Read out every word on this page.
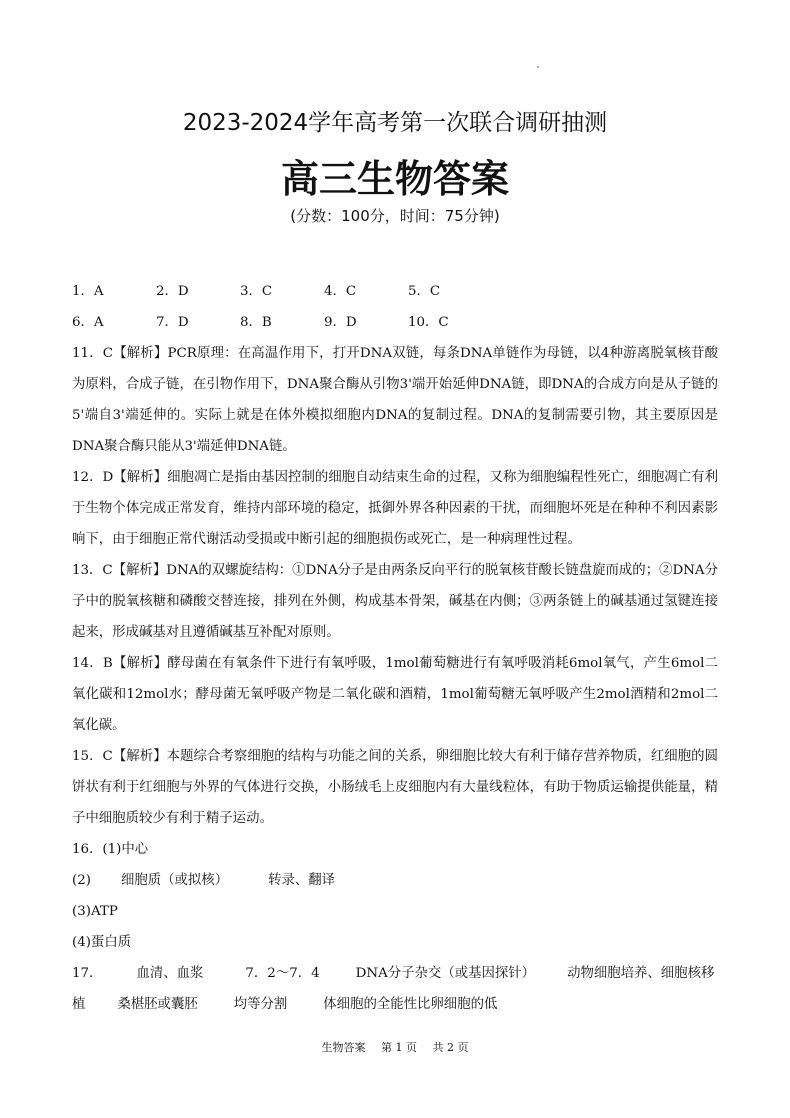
2023-2024学年高考第一次联合调研抽测
高三生物答案
(分数：100分，时间：75分钟)
1．A	2．D	3．C	4．C	5．C
6．A	7．D	8．B	9．D	10．C
11．C【解析】PCR原理：在高温作用下，打开DNA双链，每条DNA单链作为母链，以4种游离脱氧核苷酸为原料，合成子链，在引物作用下，DNA聚合酶从引物3'端开始延伸DNA链，即DNA的合成方向是从子链的5'端自3'端延伸的。实际上就是在体外模拟细胞内DNA的复制过程。DNA的复制需要引物，其主要原因是DNA聚合酶只能从3'端延伸DNA链。
12．D【解析】细胞凋亡是指由基因控制的细胞自动结束生命的过程，又称为细胞编程性死亡，细胞凋亡有利于生物个体完成正常发育，维持内部环境的稳定，抵御外界各种因素的干扰，而细胞坏死是在种种不利因素影响下，由于细胞正常代谢活动受损或中断引起的细胞损伤或死亡，是一种病理性过程。
13．C【解析】DNA的双螺旋结构：①DNA分子是由两条反向平行的脱氧核苷酸长链盘旋而成的；②DNA分子中的脱氧核糖和磷酸交替连接，排列在外侧，构成基本骨架，碱基在内侧；③两条链上的碱基通过氢键连接起来，形成碱基对且遵循碱基互补配对原则。
14．B【解析】酵母菌在有氧条件下进行有氧呼吸，1mol葡萄糖进行有氧呼吸消耗6mol氧气，产生6mol二氧化碳和12mol水；酵母菌无氧呼吸产物是二氧化碳和酒精，1mol葡萄糖无氧呼吸产生2mol酒精和2mol二氧化碳。
15．C【解析】本题综合考察细胞的结构与功能之间的关系，卵细胞比较大有利于储存营养物质，红细胞的圆饼状有利于红细胞与外界的气体进行交换，小肠绒毛上皮细胞内有大量线粒体，有助于物质运输提供能量，精子中细胞质较少有利于精子运动。
16．(1)中心
(2) 细胞质（或拟核）	转录、翻译
(3)ATP
(4)蛋白质
17．	血清、血浆	7．2～7．4	DNA分子杂交（或基因探针） 动物细胞培养、细胞核移
植 桑椹胚或囊胚	均等分割	体细胞的全能性比卵细胞的低
生物答案 第 1 页 共 2 页
